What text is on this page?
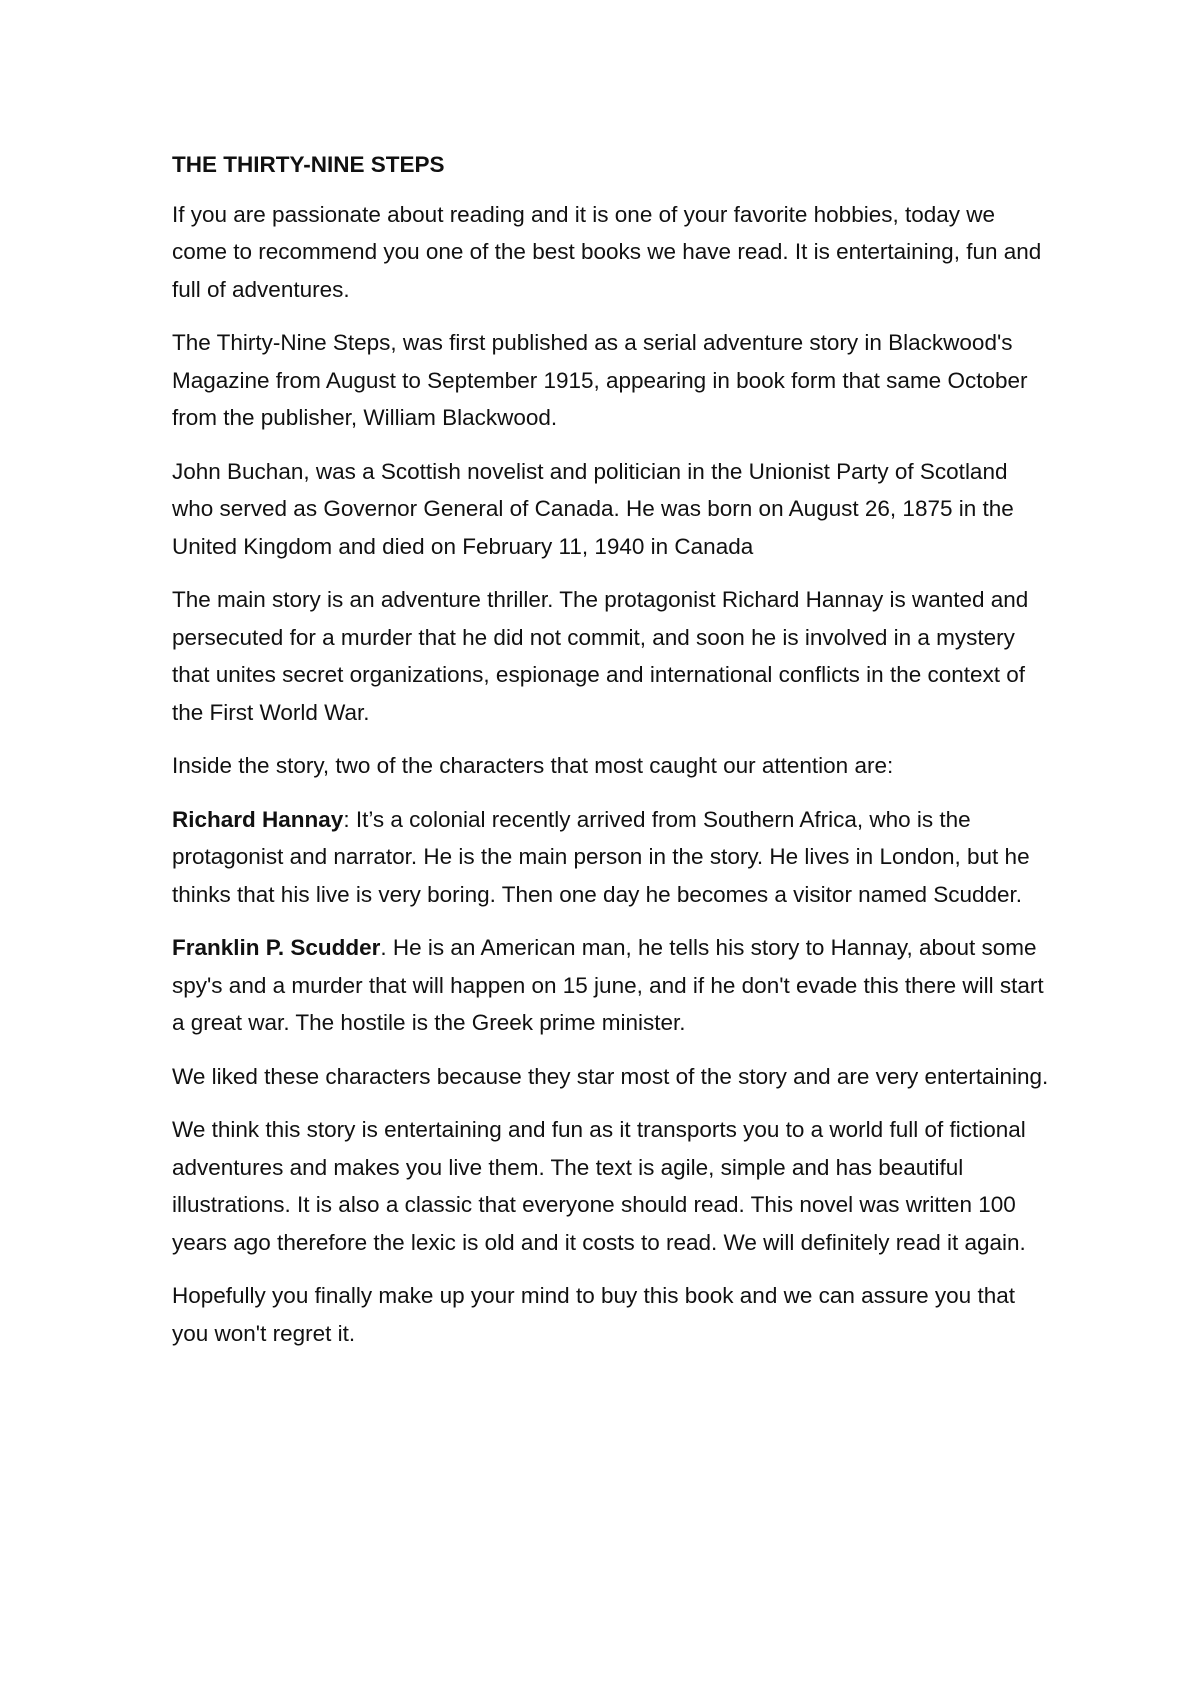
THE THIRTY-NINE STEPS

If you are passionate about reading and it is one of your favorite hobbies, today we come to recommend you one of the best books we have read. It is entertaining, fun and full of adventures.

The Thirty-Nine Steps, was first published as a serial adventure story in Blackwood's Magazine from August to September 1915, appearing in book form that same October from the publisher, William Blackwood.

John Buchan, was a Scottish novelist and politician in the Unionist Party of Scotland who served as Governor General of Canada. He was born on August 26, 1875 in the United Kingdom and died on February 11, 1940 in Canada

The main story is an adventure thriller. The protagonist Richard Hannay is wanted and persecuted for a murder that he did not commit, and soon he is involved in a mystery that unites secret organizations, espionage and international conflicts in the context of the First World War.

Inside the story, two of the characters that most caught our attention are:

Richard Hannay: It’s a colonial recently arrived from Southern Africa, who is the protagonist and narrator. He is the main person in the story. He lives in London, but he thinks that his live is very boring. Then one day he becomes a visitor named Scudder.

Franklin P. Scudder. He is an American man, he tells his story to Hannay, about some spy's and a murder that will happen on 15 june, and if he don't evade this there will start a great war. The hostile is the Greek prime minister.

We liked these characters because they star most of the story and are very entertaining.

We think this story is entertaining and fun as it transports you to a world full of fictional adventures and makes you live them. The text is agile, simple and has beautiful illustrations. It is also a classic that everyone should read. This novel was written 100 years ago therefore the lexic is old and it costs to read. We will definitely read it again.

Hopefully you finally make up your mind to buy this book and we can assure you that you won't regret it.
